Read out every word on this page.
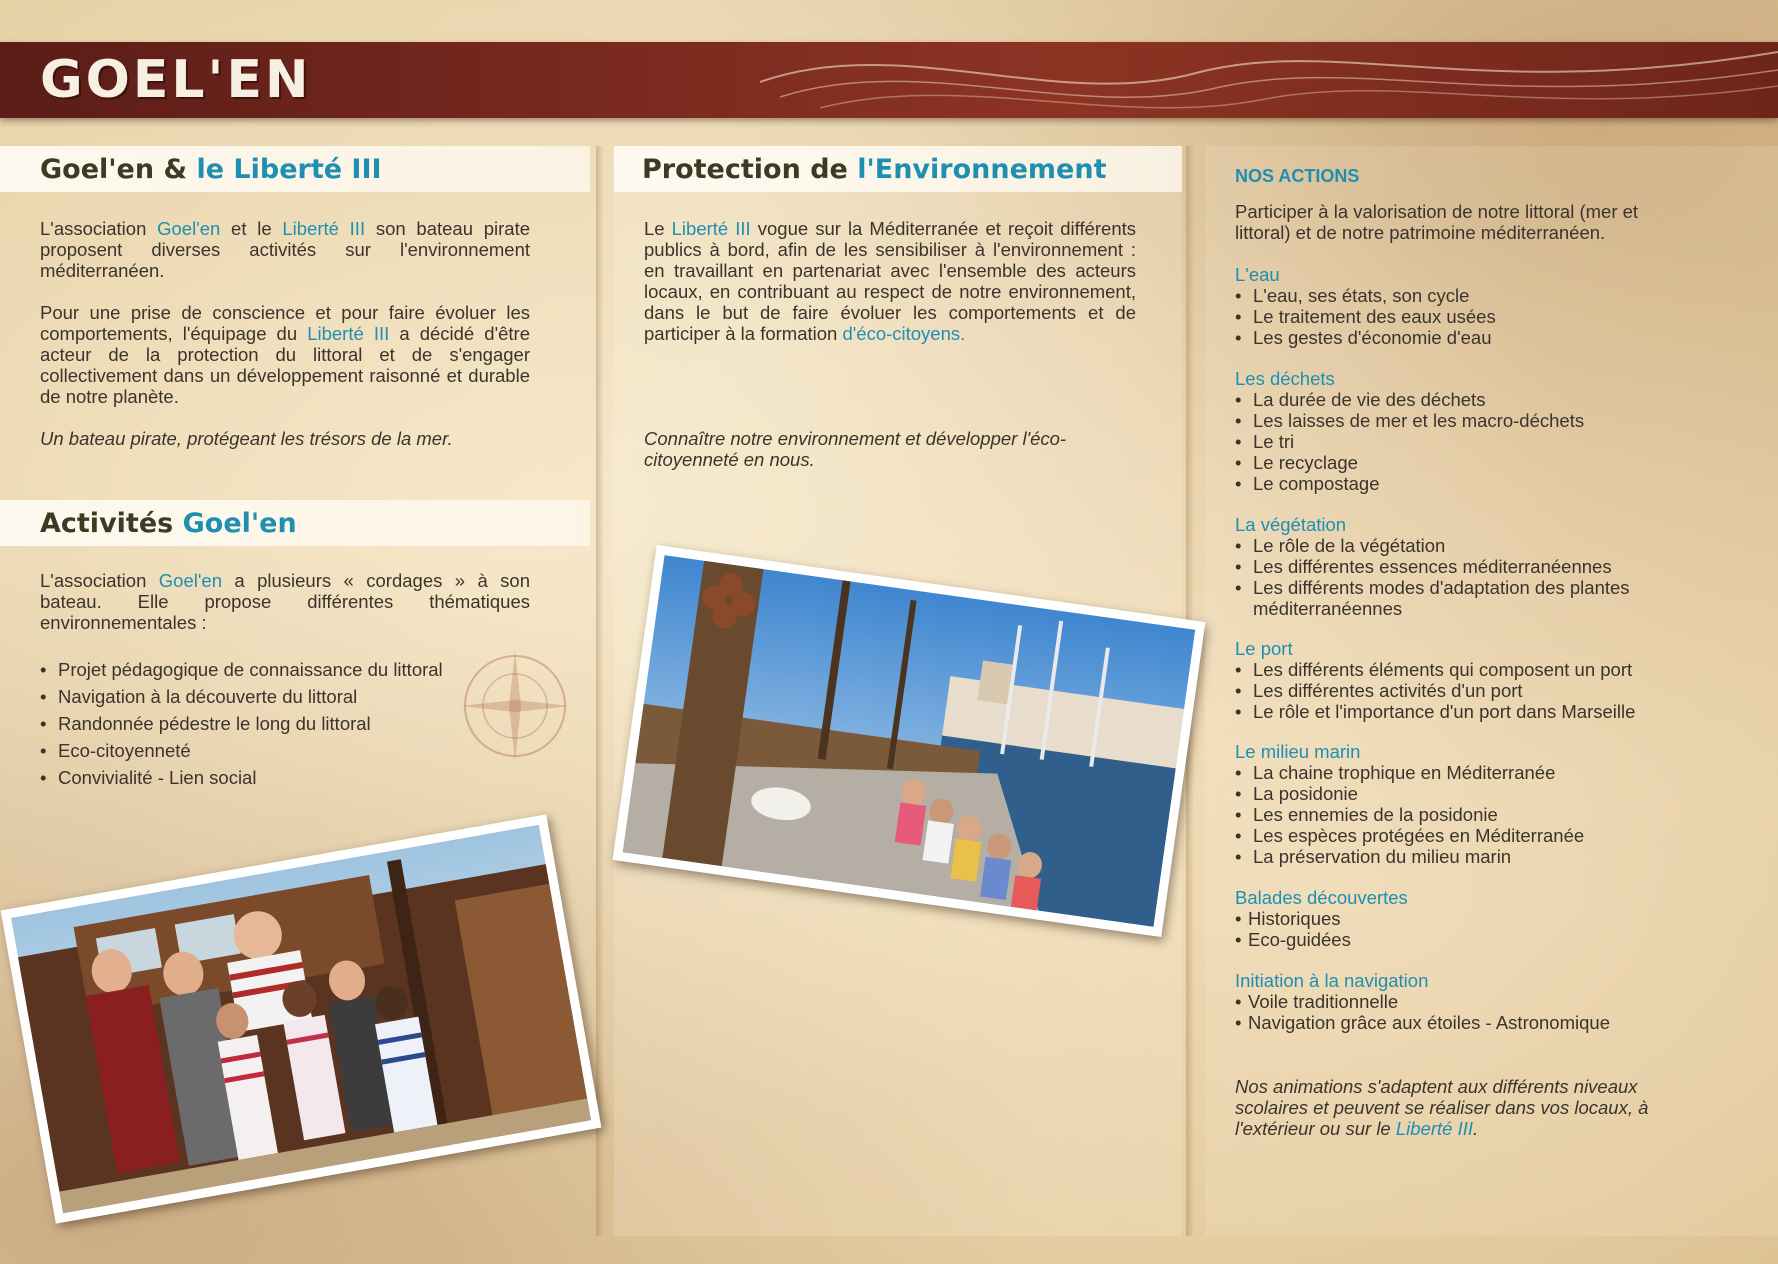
GOEL'EN
Goel'en & le Liberté III

L'association Goel'en et le Liberté III son bateau pirate proposent diverses activités sur l'environnement méditerranéen.

Pour une prise de conscience et pour faire évoluer les comportements, l'équipage du Liberté III a décidé d'être acteur de la protection du littoral et de s'engager collectivement dans un développement raisonné et durable de notre planète.

Un bateau pirate, protégeant les trésors de la mer.

Activités Goel'en

L'association Goel'en a plusieurs « cordages » à son bateau. Elle propose différentes thématiques environnementales :

• Projet pédagogique de connaissance du littoral
• Navigation à la découverte du littoral
• Randonnée pédestre le long du littoral
• Eco-citoyenneté
• Convivialité - Lien social
Protection de l'Environnement

Le Liberté III vogue sur la Méditerranée et reçoit différents publics à bord, afin de les sensibiliser à l'environnement : en travaillant en partenariat avec l'ensemble des acteurs locaux, en contribuant au respect de notre environnement, dans le but de faire évoluer les comportements et de participer à la formation d'éco-citoyens.

Connaître notre environnement et développer l'éco-citoyenneté en nous.

NOS ACTIONS

Participer à la valorisation de notre littoral (mer et littoral) et de notre patrimoine méditerranéen.

L'eau

• L'eau, ses états, son cycle
• Le traitement des eaux usées
• Les gestes d'économie d'eau

Les déchets

• La durée de vie des déchets
• Les laisses de mer et les macro-déchets
• Le tri
• Le recyclage
• Le compostage

La végétation

• Le rôle de la végétation
• Les différentes essences méditerranéennes
• Les différents modes d'adaptation des plantes méditerranéennes

Le port

• Les différents éléments qui composent un port
• Les différentes activités d'un port
• Le rôle et l'importance d'un port dans Marseille

Le milieu marin

• La chaine trophique en Méditerranée
• La posidonie
• Les ennemies de la posidonie
• Les espèces protégées en Méditerranée
• La préservation du milieu marin

Balades découvertes

• Historiques
• Eco-guidées

Initiation à la navigation

• Voile traditionnelle
• Navigation grâce aux étoiles - Astronomique

Nos animations s'adaptent aux différents niveaux scolaires et peuvent se réaliser dans vos locaux, à l'extérieur ou sur le Liberté III.
